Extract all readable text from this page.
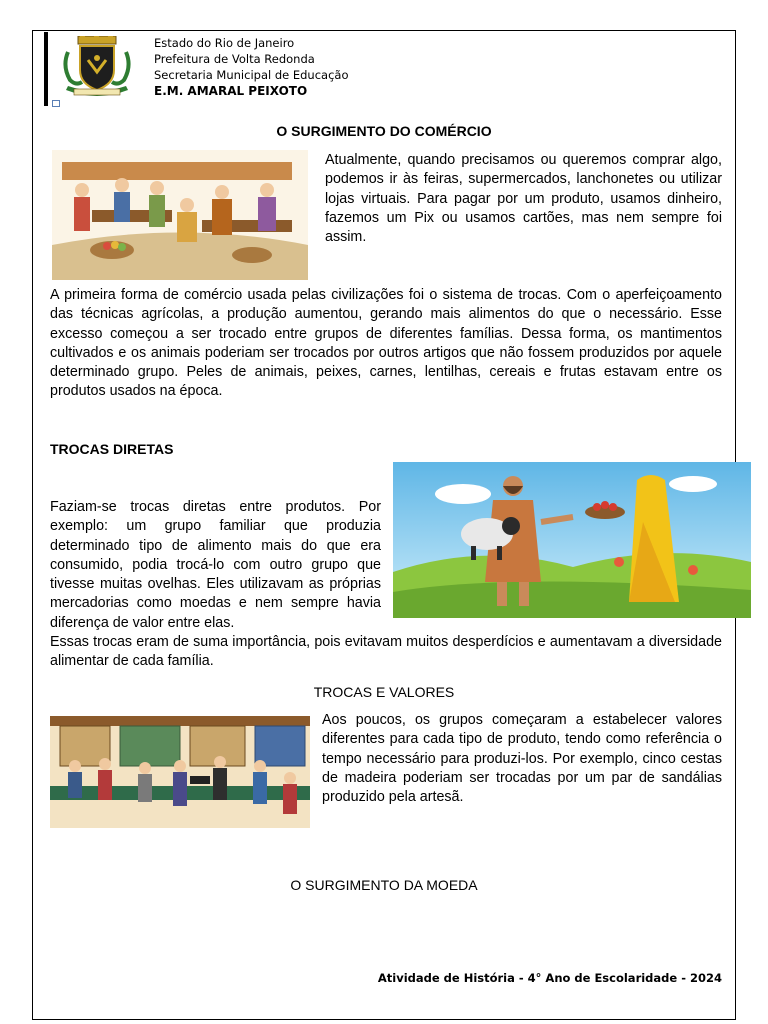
Estado do Rio de Janeiro
Prefeitura de Volta Redonda
Secretaria Municipal de Educação
E.M. AMARAL PEIXOTO
O SURGIMENTO DO COMÉRCIO

Atualmente, quando precisamos ou queremos comprar algo, podemos ir às feiras, supermercados, lanchonetes ou utilizar lojas virtuais. Para pagar por um produto, usamos dinheiro, fazemos um Pix ou usamos cartões, mas nem sempre foi assim.

A primeira forma de comércio usada pelas civilizações foi o sistema de trocas. Com o aperfeiçoamento das técnicas agrícolas, a produção aumentou, gerando mais alimentos do que o necessário. Esse excesso começou a ser trocado entre grupos de diferentes famílias. Dessa forma, os mantimentos cultivados e os animais poderiam ser trocados por outros artigos que não fossem produzidos por aquele determinado grupo. Peles de animais, peixes, carnes, lentilhas, cereais e frutas estavam entre os produtos usados na época.

TROCAS DIRETAS

Faziam-se trocas diretas entre produtos. Por exemplo: um grupo familiar que produzia determinado tipo de alimento mais do que era consumido, podia trocá-lo com outro grupo que tivesse muitas ovelhas. Eles utilizavam as próprias mercadorias como moedas e nem sempre havia diferença de valor entre elas.

Essas trocas eram de suma importância, pois evitavam muitos desperdícios e aumentavam a diversidade alimentar de cada família.

TROCAS E VALORES

Aos poucos, os grupos começaram a estabelecer valores diferentes para cada tipo de produto, tendo como referência o tempo necessário para produzi-los. Por exemplo, cinco cestas de madeira poderiam ser trocadas por um par de sandálias produzido pela artesã.

O SURGIMENTO DA MOEDA
Atividade de História - 4° Ano de Escolaridade - 2024
